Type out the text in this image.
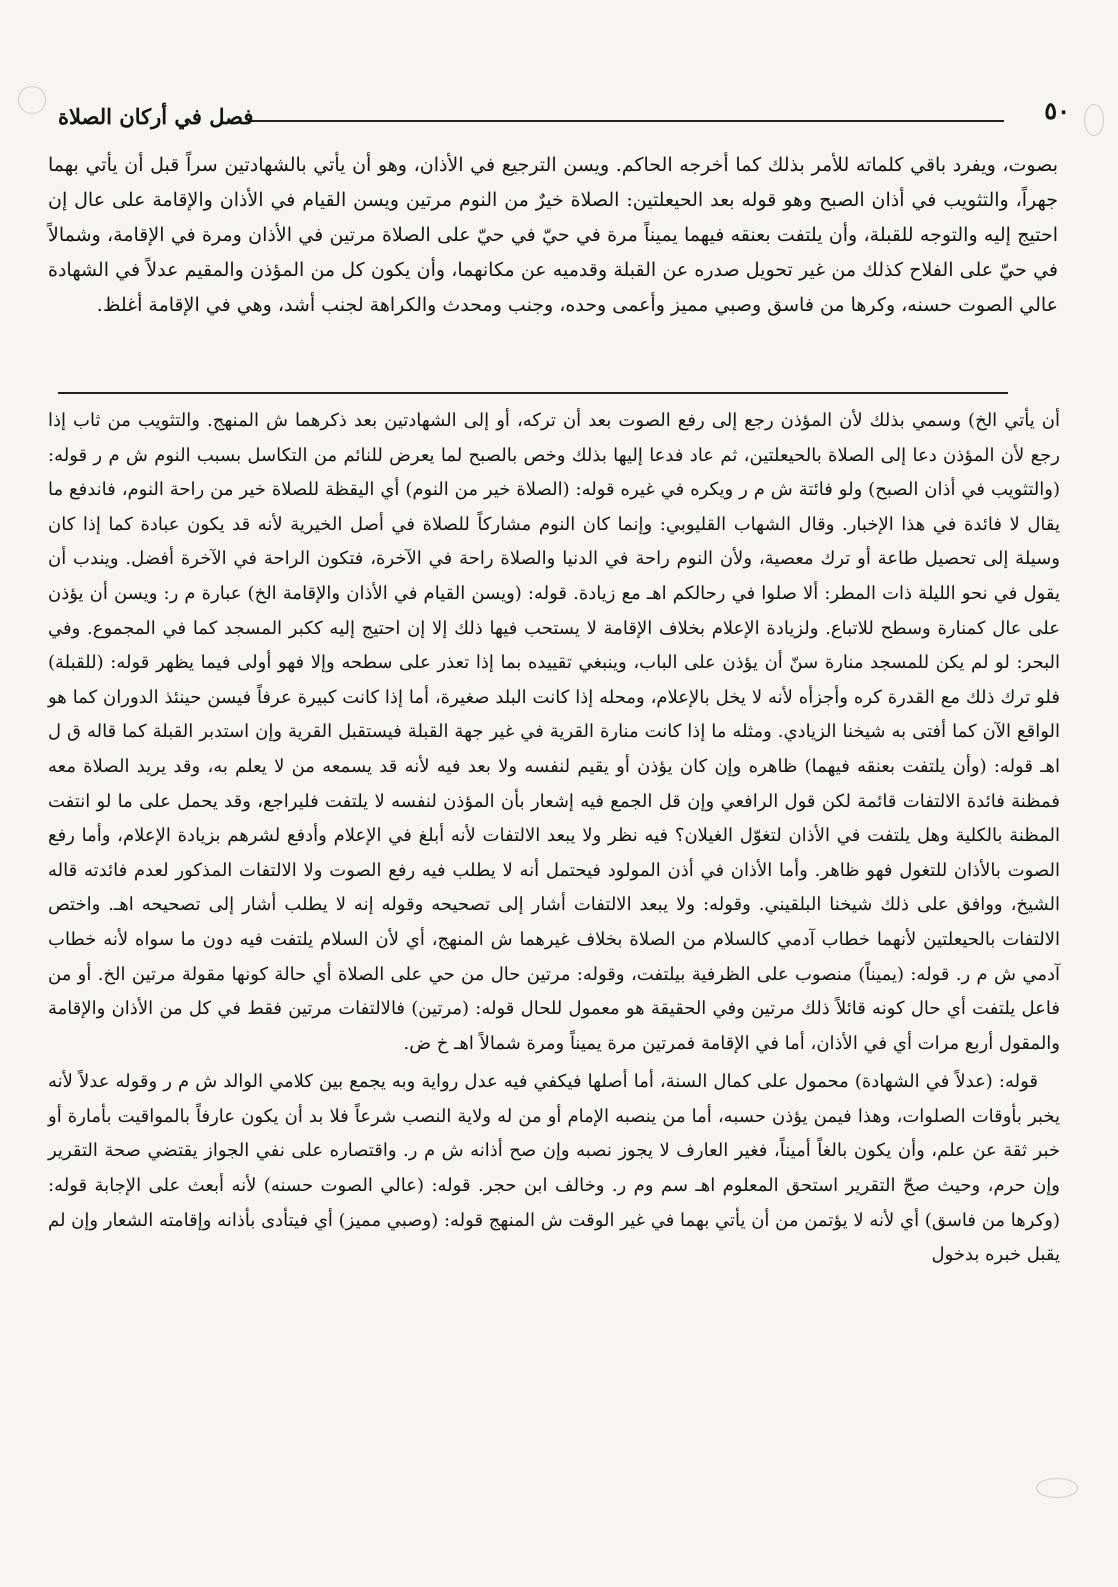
٥٠
فصل في أركان الصلاة

بصوت، ويفرد باقي كلماته للأمر بذلك كما أخرجه الحاكم. ويسن الترجيع في الأذان، وهو أن يأتي بالشهادتين سراً قبل أن يأتي بهما جهراً، والتثويب في أذان الصبح وهو قوله بعد الحيعلتين: الصلاة خيرٌ من النوم مرتين ويسن القيام في الأذان والإقامة على عال إن احتيج إليه والتوجه للقبلة، وأن يلتفت بعنقه فيهما يميناً مرة في حيّ في حيّ على الصلاة مرتين في الأذان ومرة في الإقامة، وشمالاً في حيّ على الفلاح كذلك من غير تحويل صدره عن القبلة وقدميه عن مكانهما، وأن يكون كل من المؤذن والمقيم عدلاً في الشهادة عالي الصوت حسنه، وكرها من فاسق وصبي مميز وأعمى وحده، وجنب ومحدث والكراهة لجنب أشد، وهي في الإقامة أغلظ.

أن يأتي الخ) وسمي بذلك لأن المؤذن رجع إلى رفع الصوت بعد أن تركه، أو إلى الشهادتين بعد ذكرهما ش المنهج. والتثويب من ثاب إذا رجع لأن المؤذن دعا إلى الصلاة بالحيعلتين، ثم عاد فدعا إليها بذلك وخص بالصبح لما يعرض للنائم من التكاسل بسبب النوم ش م ر قوله: (والتثويب في أذان الصبح) ولو فائتة ش م ر ويكره في غيره قوله: (الصلاة خير من النوم) أي اليقظة للصلاة خير من راحة النوم، فاندفع ما يقال لا فائدة في هذا الإخبار. وقال الشهاب القليوبي: وإنما كان النوم مشاركاً للصلاة في أصل الخيرية لأنه قد يكون عبادة كما إذا كان وسيلة إلى تحصيل طاعة أو ترك معصية، ولأن النوم راحة في الدنيا والصلاة راحة في الآخرة، فتكون الراحة في الآخرة أفضل. ويندب أن يقول في نحو الليلة ذات المطر: ألا صلوا في رحالكم اهـ مع زيادة. قوله: (ويسن القيام في الأذان والإقامة الخ) عبارة م ر: ويسن أن يؤذن على عال كمنارة وسطح للاتباع. ولزيادة الإعلام بخلاف الإقامة لا يستحب فيها ذلك إلا إن احتيج إليه ككبر المسجد كما في المجموع. وفي البحر: لو لم يكن للمسجد منارة سنّ أن يؤذن على الباب، وينبغي تقييده بما إذا تعذر على سطحه وإلا فهو أولى فيما يظهر قوله: (للقبلة) فلو ترك ذلك مع القدرة كره وأجزأه لأنه لا يخل بالإعلام، ومحله إذا كانت البلد صغيرة، أما إذا كانت كبيرة عرفاً فيسن حينئذ الدوران كما هو الواقع الآن كما أفتى به شيخنا الزيادي. ومثله ما إذا كانت منارة القرية في غير جهة القبلة فيستقبل القرية وإن استدبر القبلة كما قاله ق ل اهـ قوله: (وأن يلتفت بعنقه فيهما) ظاهره وإن كان يؤذن أو يقيم لنفسه ولا بعد فيه لأنه قد يسمعه من لا يعلم به، وقد يريد الصلاة معه فمظنة فائدة الالتفات قائمة لكن قول الرافعي وإن قل الجمع فيه إشعار بأن المؤذن لنفسه لا يلتفت فليراجع، وقد يحمل على ما لو انتفت المظنة بالكلية وهل يلتفت في الأذان لتغوّل الغيلان؟ فيه نظر ولا يبعد الالتفات لأنه أبلغ في الإعلام وأدفع لشرهم بزيادة الإعلام، وأما رفع الصوت بالأذان للتغول فهو ظاهر. وأما الأذان في أذن المولود فيحتمل أنه لا يطلب فيه رفع الصوت ولا الالتفات المذكور لعدم فائدته قاله الشيخ، ووافق على ذلك شيخنا البلقيني. وقوله: ولا يبعد الالتفات أشار إلى تصحيحه وقوله إنه لا يطلب أشار إلى تصحيحه اهـ. واختص الالتفات بالحيعلتين لأنهما خطاب آدمي كالسلام من الصلاة بخلاف غيرهما ش المنهج، أي لأن السلام يلتفت فيه دون ما سواه لأنه خطاب آدمي ش م ر. قوله: (يميناً) منصوب على الظرفية بيلتفت، وقوله: مرتين حال من حي على الصلاة أي حالة كونها مقولة مرتين الخ. أو من فاعل يلتفت أي حال كونه قائلاً ذلك مرتين وفي الحقيقة هو معمول للحال قوله: (مرتين) فالالتفات مرتين فقط في كل من الأذان والإقامة والمقول أربع مرات أي في الأذان، أما في الإقامة فمرتين مرة يميناً ومرة شمالاً اهـ خ ض.

قوله: (عدلاً في الشهادة) محمول على كمال السنة، أما أصلها فيكفي فيه عدل رواية وبه يجمع بين كلامي الوالد ش م ر وقوله عدلاً لأنه يخبر بأوقات الصلوات، وهذا فيمن يؤذن حسبه، أما من ينصبه الإمام أو من له ولاية النصب شرعاً فلا بد أن يكون عارفاً بالمواقيت بأمارة أو خبر ثقة عن علم، وأن يكون بالغاً أميناً، فغير العارف لا يجوز نصبه وإن صح أذانه ش م ر. واقتصاره على نفي الجواز يقتضي صحة التقرير وإن حرم، وحيث صحّ التقرير استحق المعلوم اهـ سم وم ر. وخالف ابن حجر. قوله: (عالي الصوت حسنه) لأنه أبعث على الإجابة قوله: (وكرها من فاسق) أي لأنه لا يؤتمن من أن يأتي بهما في غير الوقت ش المنهج قوله: (وصبي مميز) أي فيتأدى بأذانه وإقامته الشعار وإن لم يقبل خبره بدخول
